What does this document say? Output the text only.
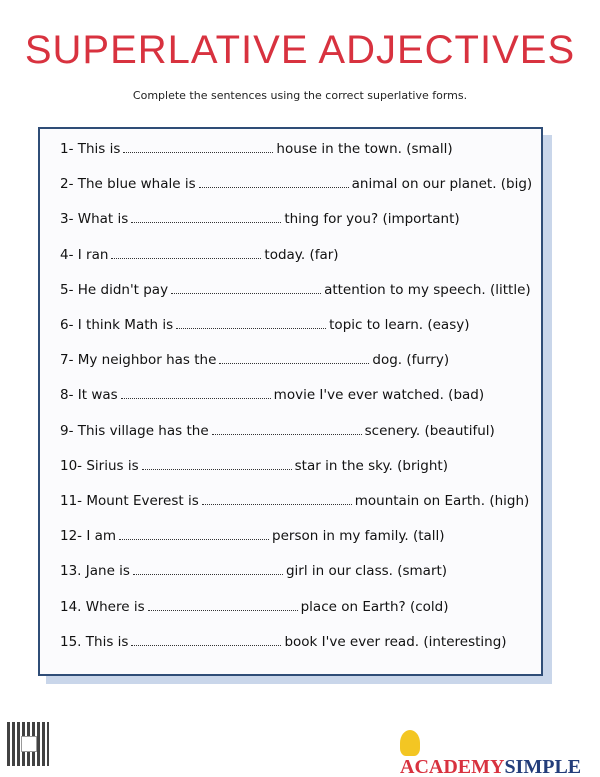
SUPERLATIVE ADJECTIVES
Complete the sentences using the correct superlative forms.
1- This is	house in the town. (small)
2- The blue whale is	animal on our planet. (big)
3- What is	thing for you? (important)
4- I ran	today. (far)
5- He didn't pay	attention to my speech. (little)
6- I think Math is	topic to learn. (easy)
7- My neighbor has the	dog. (furry)
8- It was	movie I've ever watched. (bad)
9- This village has the	scenery. (beautiful)
10- Sirius is	star in the sky. (bright)
11- Mount Everest is	mountain on Earth. (high)
12- I am	person in my family. (tall)
13. Jane is	girl in our class. (smart)
14. Where is	place on Earth? (cold)
15. This is	book I've ever read. (interesting)
ACADEMYSIMPLE
